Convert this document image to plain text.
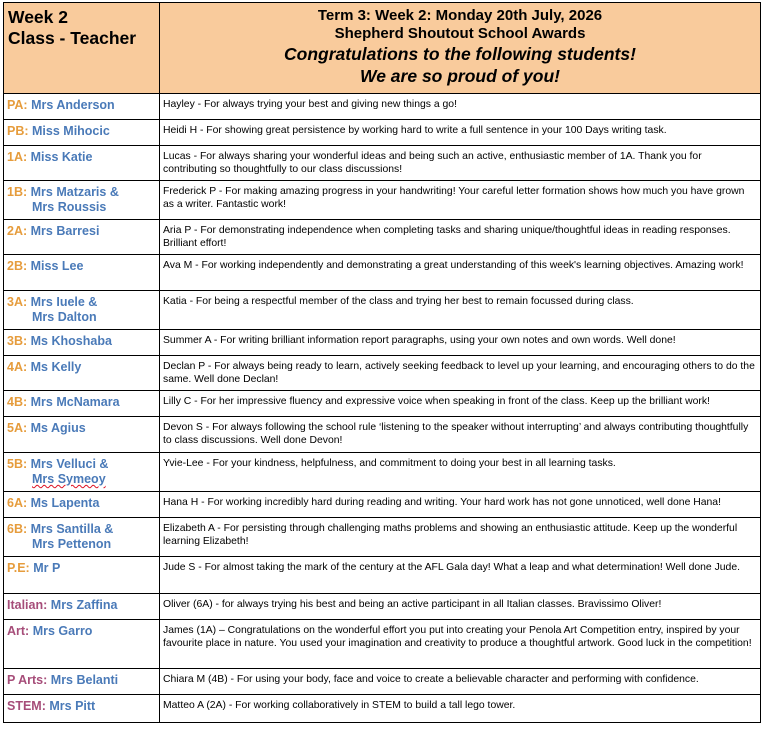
Week 2
Class - Teacher	Term 3: Week 2: Monday 20th July, 2026
Shepherd Shoutout School Awards
Congratulations to the following students!
We are so proud of you!

PA: Mrs Anderson	Hayley - For always trying your best and giving new things a go!

PB: Miss Mihocic	Heidi H - For showing great persistence by working hard to write a full sentence in your 100 Days writing task.

1A: Miss Katie	Lucas - For always sharing your wonderful ideas and being such an active, enthusiastic member of 1A. Thank you for contributing so thoughtfully to our class discussions!

1B: Mrs Matzaris &
Mrs Roussis	Frederick P - For making amazing progress in your handwriting! Your careful letter formation shows how much you have grown as a writer. Fantastic work!

2A: Mrs Barresi	Aria P - For demonstrating independence when completing tasks and sharing unique/thoughtful ideas in reading responses. Brilliant effort!

2B: Miss Lee	Ava M - For working independently and demonstrating a great understanding of this week's learning objectives. Amazing work!

3A: Mrs Iuele &
Mrs Dalton	Katia - For being a respectful member of the class and trying her best to remain focussed during class.

3B: Ms Khoshaba	Summer A - For writing brilliant information report paragraphs, using your own notes and own words. Well done!

4A: Ms Kelly	Declan P - For always being ready to learn, actively seeking feedback to level up your learning, and encouraging others to do the same. Well done Declan!

4B: Mrs McNamara	Lilly C - For her impressive fluency and expressive voice when speaking in front of the class. Keep up the brilliant work!

5A: Ms Agius	Devon S - For always following the school rule ‘listening to the speaker without interrupting’ and always contributing thoughtfully to class discussions. Well done Devon!

5B: Mrs Velluci &
Mrs Symeoy	Yvie-Lee - For your kindness, helpfulness, and commitment to doing your best in all learning tasks.

6A: Ms Lapenta	Hana H - For working incredibly hard during reading and writing. Your hard work has not gone unnoticed, well done Hana!

6B: Mrs Santilla &
Mrs Pettenon	Elizabeth A - For persisting through challenging maths problems and showing an enthusiastic attitude. Keep up the wonderful learning Elizabeth!

P.E: Mr P	Jude S - For almost taking the mark of the century at the AFL Gala day! What a leap and what determination! Well done Jude.

Italian: Mrs Zaffina	Oliver (6A) - for always trying his best and being an active participant in all Italian classes. Bravissimo Oliver!

Art: Mrs Garro	James (1A) – Congratulations on the wonderful effort you put into creating your Penola Art Competition entry, inspired by your favourite place in nature. You used your imagination and creativity to produce a thoughtful artwork. Good luck in the competition!

P Arts: Mrs Belanti	Chiara M (4B) - For using your body, face and voice to create a believable character and performing with confidence.

STEM: Mrs Pitt	Matteo A (2A) - For working collaboratively in STEM to build a tall lego tower.
